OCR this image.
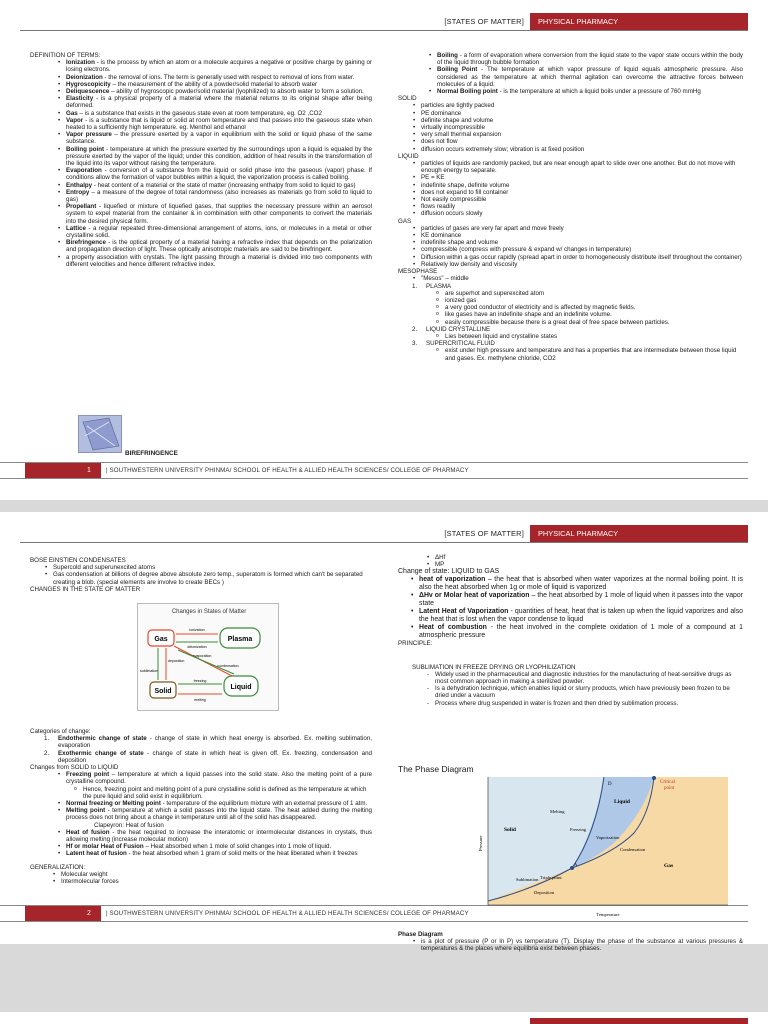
[STATES OF MATTER]	PHYSICAL PHARMACY

DEFINITION OF TERMS:

• Ionization - is the process by which an atom or a molecule acquires a negative or positive charge by gaining or losing electrons.
• Deionization - the removal of ions. The term is generally used with respect to removal of ions from water.
• Hygroscopicity – the measurement of the ability of a powder/solid material to absorb water
• Deliquescence – ability of hygroscopic powder/solid material (lyophilized) to absorb water to form a solution.
• Elasticity - is a physical property of a material where the material returns to its original shape after being deformed.
• Gas – is a substance that exists in the gaseous state even at room temperature, eg. O2 ,CO2
• Vapor - is a substance that is liquid or solid at room temperature and that passes into the gaseous state when heated to a sufficiently high temperature. eg. Menthol and ethanol
• Vapor pressure – the pressure exerted by a vapor in equilibrium with the solid or liquid phase of the same substance.
• Boiling point - temperature at which the pressure exerted by the surroundings upon a liquid is equaled by the pressure exerted by the vapor of the liquid; under this condition, addition of heat results in the transformation of the liquid into its vapor without raising the temperature.
• Evaporation - conversion of a substance from the liquid or solid phase into the gaseous (vapor) phase. If conditions allow the formation of vapor bubbles within a liquid, the vaporization process is called boiling.
• Enthalpy - heat content of a material or the state of matter (increasing enthalpy from solid to liquid to gas)
• Entropy – a measure of the degree of total randomness (also increases as materials go from solid to liquid to gas)
• Propellant - liquefied or mixture of liquefied gases, that supplies the necessary pressure within an aerosol system to expel material from the container & in combination with other components to convert the materials into the desired physical form.
• Lattice - a regular repeated three-dimensional arrangement of atoms, ions, or molecules in a metal or other crystalline solid.
• Birefringence - is the optical property of a material having a refractive index that depends on the polarization and propagation direction of light. These optically anisotropic materials are said to be birefringent.
• a property association with crystals. The light passing through a material is divided into two components with different velocities and hence different refractive index.
BIREFRINGENCE
• Boiling - a form of evaporation where conversion from the liquid state to the vapor state occurs within the body of the liquid through bubble formation
• Boiling Point - The temperature at which vapor pressure of liquid equals atmospheric pressure. Also considered as the temperature at which thermal agitation can overcome the attractive forces between molecules of a liquid.
• Normal Boiling point - is the temperature at which a liquid boils under a pressure of 760 mmHg

SOLID

• particles are tightly packed
• PE dominance
• definite shape and volume
• virtually incompressible
• very small thermal expansion
• does not flow
• diffusion occurs extremely slow; vibration is at fixed position

LIQUID

• particles of liquids are randomly packed, but are near enough apart to slide over one another. But do not move with enough energy to separate.
• PE = KE
• indefinite shape, definite volume
• does not expand to fill container
• Not easily compressible
• flows readily
• diffusion occurs slowly

GAS

• particles of gases are very far apart and move freely
• KE dominance
• indefinite shape and volume
• compressible (compress with pressure & expand w/ changes in temperature)
• Diffusion within a gas occur rapidly (spread apart in order to homogeneously distribute itself throughout the container)
• Relatively low density and viscosity

MESOPHASE

• "Mesos" – middle
1. PLASMA
o are superhot and superexcited atom
o ionized gas
o a very good conductor of electricity and is affected by magnetic fields.
o like gases have an indefinite shape and an indefinite volume.
o easily compressible because there is a great deal of free space between particles.
2. LIQUID CRYSTALLINE
o Lies between liquid and crystalline states
3. SUPERCRITICAL FLUID
o exist under high pressure and temperature and has a properties that are intermediate between those liquid and gases. Ex. methylene chloride, CO2
1	| SOUTHWESTERN UNIVERSITY PHINMA/ SCHOOL OF HEALTH & ALLIED HEALTH SCIENCES/ COLLEGE OF PHARMACY
[STATES OF MATTER]	PHYSICAL PHARMACY

BOSE EINSTIEN CONDENSATES

• Supercold and superunexcited atoms
• Gas condensation at billions of degree above absolute zero temp., superatom is formed which can't be separated creating a blob. (special elements are involve to create BECs )

CHANGES IN THE STATE OF MATTER

Categories of change:

1. Endothermic change of state - change of state in which heat energy is absorbed. Ex. melting sublimation, evaporation
2. Exothermic change of state - change of state in which heat is given off. Ex. freezing, condensation and deposition

Changes from SOLID to LIQUID

• Freezing point – temperature at which a liquid passes into the solid state. Also the melting point of a pure crystalline compound.
o Hence, freezing point and melting point of a pure crystalline solid is defined as the temperature at which the pure liquid and solid exist in equilibrium.
• Normal freezing or Melting point - temperature of the equilibrium mixture with an external pressure of 1 atm.
• Melting point - temperature at which a solid passes into the liquid state. The heat added during the melting process does not bring about a change in temperature until all of the solid has disappeared.

Clapeyron: Heat of fusion

• Heat of fusion - the heat required to increase the interatomic or intermolecular distances in crystals, thus allowing melting (increase molecular motion)
• Hf or molar Heat of Fusion – Heat absorbed when 1 mole of solid changes into 1 mole of liquid.
• Latent heat of fusion - the heat absorbed when 1 gram of solid melts or the heat liberated when it freezes

GENERALIZATION:

• Molecular weight
• Intermolecular forces
• ΔHf
• MP

Change of state: LIQUID to GAS

• heat of vaporization – the heat that is absorbed when water vaporizes at the normal boiling point. It is also the heat absorbed when 1g or mole of liquid is vaporized
• ΔHv or Molar heat of vaporization – the heat absorbed by 1 mole of liquid when it passes into the vapor state
• Latent Heat of Vaporization - quantities of heat, heat that is taken up when the liquid vaporizes and also the heat that is lost when the vapor condense to liquid
• Heat of combustion - the heat involved in the complete oxidation of 1 mole of a compound at 1 atmospheric pressure

PRINCIPLE:

SUBLIMATION IN FREEZE DRYING OR LYOPHILIZATION

- Widely used in the pharmaceutical and diagnostic industries for the manufacturing of heat-sensitive drugs as most common approach in making a sterilized powder.
- Is a dehydration technique, which enables liquid or slurry products, which have previously been frozen to be dried under a vacuum
- Process where drug suspended in water is frozen and then dried by sublimation process.
2	| SOUTHWESTERN UNIVERSITY PHINMA/ SCHOOL OF HEALTH & ALLIED HEALTH SCIENCES/ COLLEGE OF PHARMACY
Changes in States of Matter
Gas	Plasma
Solid
Liquid
ionization
deionization
evaporation
condensation
deposition
sublimation
freezing
melting
The Phase Diagram
Critical
point
D
Liquid
Solid
Gas
Melting
Freezing
Vaporization
Condensation
Sublimation
Deposition
Triple point
A
Pressure
Temperature

Phase Diagram

• is a plot of pressure (P or ln P) vs temperature (T). Display the phase of the substance at various pressures & temperatures & the places where equilibria exist between phases.
